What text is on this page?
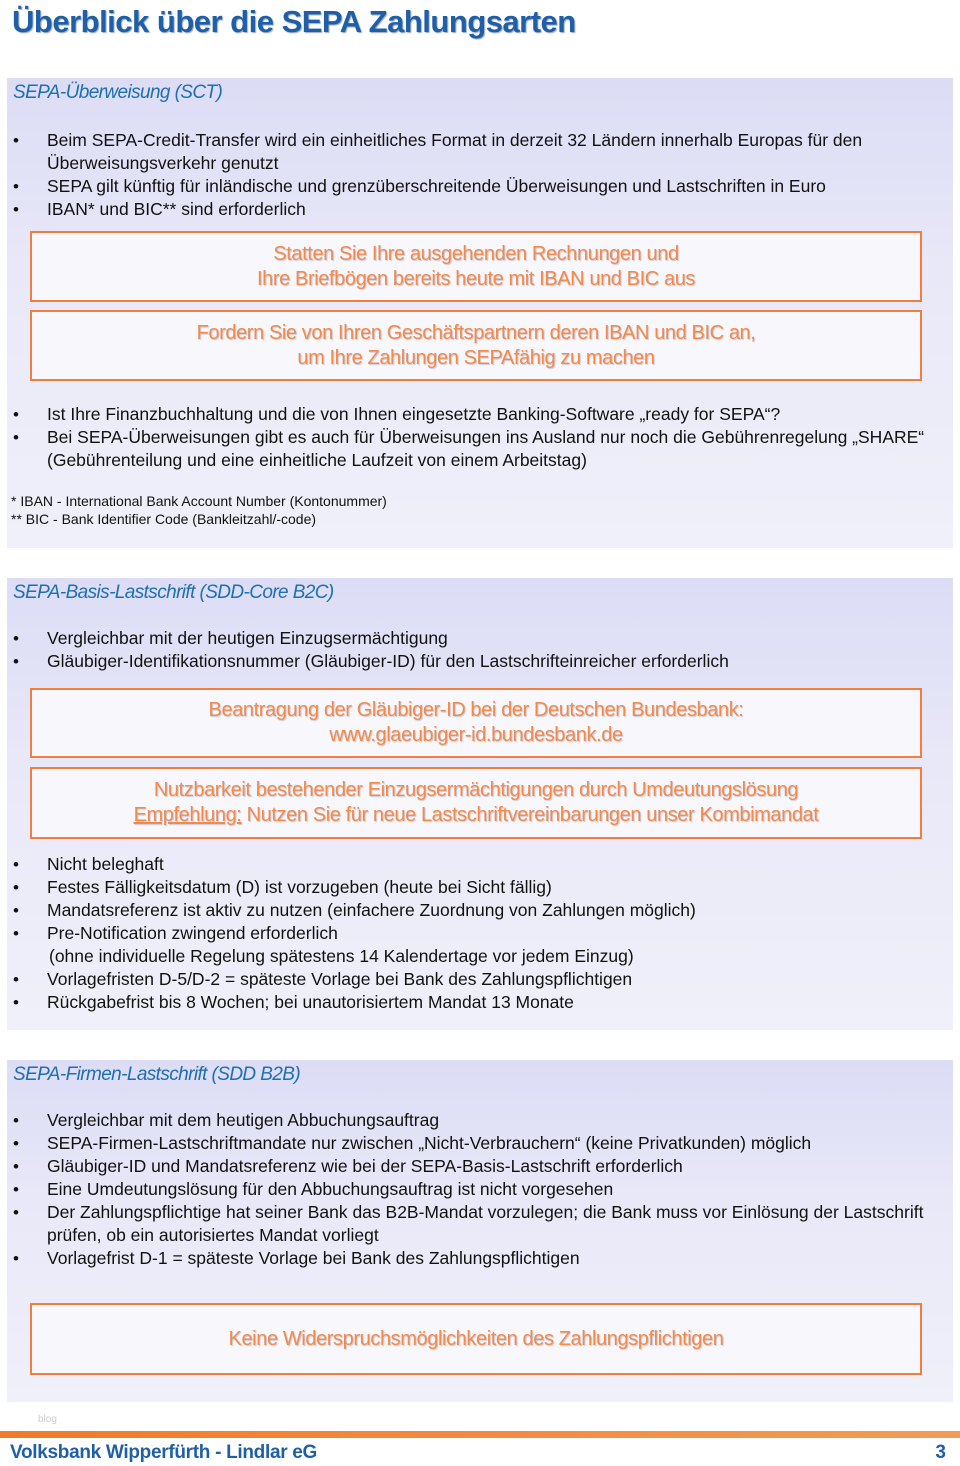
Überblick über die SEPA Zahlungsarten
SEPA-Überweisung (SCT)
• Beim SEPA-Credit-Transfer wird ein einheitliches Format in derzeit 32 Ländern innerhalb Europas für den Überweisungsverkehr genutzt
• SEPA gilt künftig für inländische und grenzüberschreitende Überweisungen und Lastschriften in Euro
• IBAN* und BIC** sind erforderlich
Statten Sie Ihre ausgehenden Rechnungen und
Ihre Briefbögen bereits heute mit IBAN und BIC aus
Fordern Sie von Ihren Geschäftspartnern deren IBAN und BIC an,
um Ihre Zahlungen SEPAfähig zu machen
• Ist Ihre Finanzbuchhaltung und die von Ihnen eingesetzte Banking-Software „ready for SEPA“?
• Bei SEPA-Überweisungen gibt es auch für Überweisungen ins Ausland nur noch die Gebührenregelung „SHARE“ (Gebührenteilung und eine einheitliche Laufzeit von einem Arbeitstag)
* IBAN - International Bank Account Number (Kontonummer)
** BIC - Bank Identifier Code (Bankleitzahl/-code)
SEPA-Basis-Lastschrift (SDD-Core B2C)
• Vergleichbar mit der heutigen Einzugsermächtigung
• Gläubiger-Identifikationsnummer (Gläubiger-ID) für den Lastschrifteinreicher erforderlich
Beantragung der Gläubiger-ID bei der Deutschen Bundesbank:
www.glaeubiger-id.bundesbank.de
Nutzbarkeit bestehender Einzugsermächtigungen durch Umdeutungslösung
Empfehlung: Nutzen Sie für neue Lastschriftvereinbarungen unser Kombimandat
• Nicht beleghaft
• Festes Fälligkeitsdatum (D) ist vorzugeben (heute bei Sicht fällig)
• Mandatsreferenz ist aktiv zu nutzen (einfachere Zuordnung von Zahlungen möglich)
• Pre-Notification zwingend erforderlich
(ohne individuelle Regelung spätestens 14 Kalendertage vor jedem Einzug)
• Vorlagefristen D-5/D-2 = späteste Vorlage bei Bank des Zahlungspflichtigen
• Rückgabefrist bis 8 Wochen; bei unautorisiertem Mandat 13 Monate
SEPA-Firmen-Lastschrift (SDD B2B)
• Vergleichbar mit dem heutigen Abbuchungsauftrag
• SEPA-Firmen-Lastschriftmandate nur zwischen „Nicht-Verbrauchern“ (keine Privatkunden) möglich
• Gläubiger-ID und Mandatsreferenz wie bei der SEPA-Basis-Lastschrift erforderlich
• Eine Umdeutungslösung für den Abbuchungsauftrag ist nicht vorgesehen
• Der Zahlungspflichtige hat seiner Bank das B2B-Mandat vorzulegen; die Bank muss vor Einlösung der Lastschrift prüfen, ob ein autorisiertes Mandat vorliegt
• Vorlagefrist D-1 = späteste Vorlage bei Bank des Zahlungspflichtigen
Keine Widerspruchsmöglichkeiten des Zahlungspflichtigen
blog
Volksbank Wipperfürth - Lindlar eG	3
